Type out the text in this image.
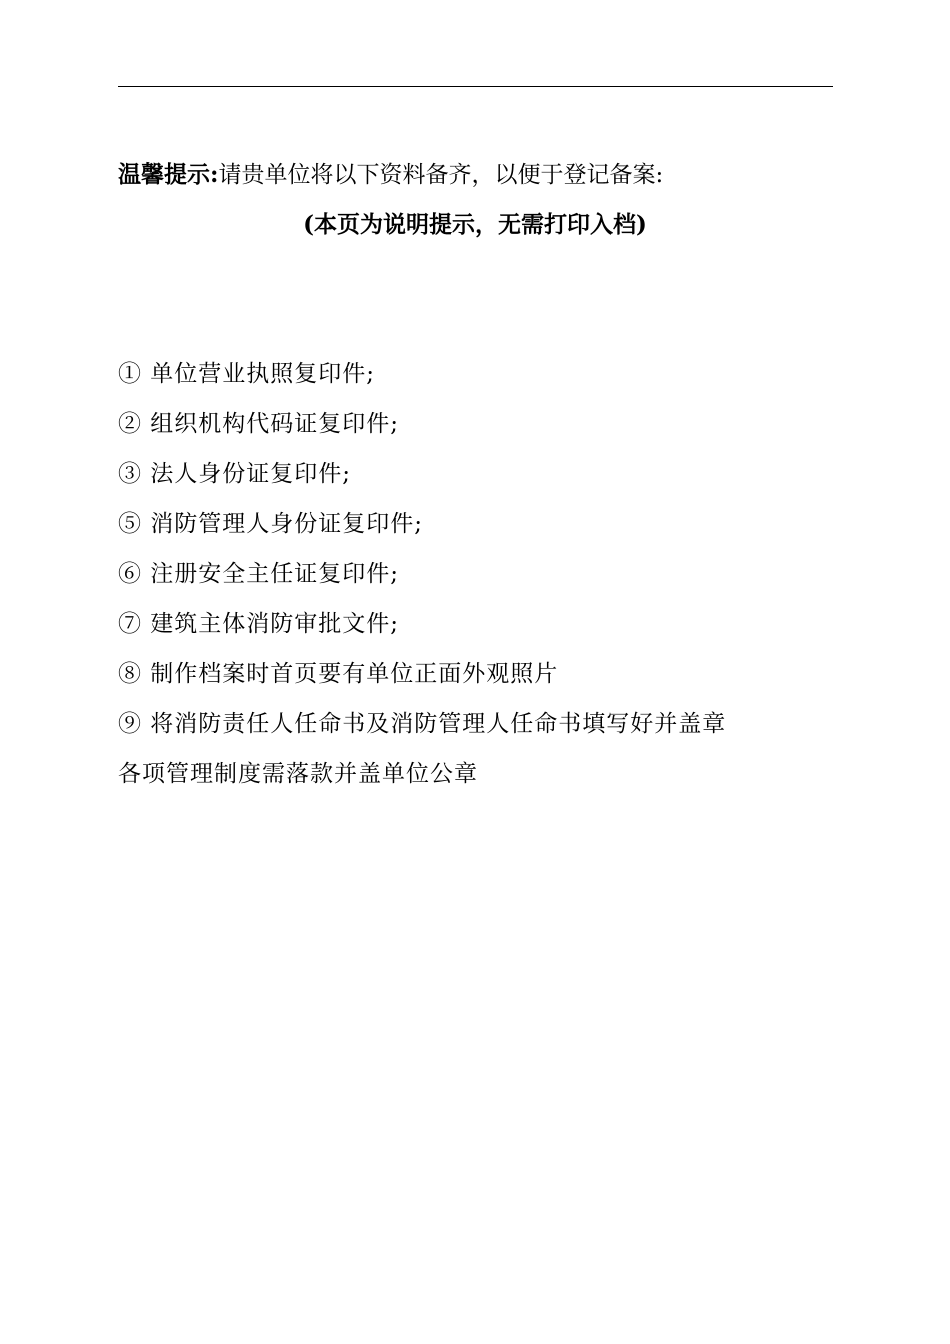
温馨提示:请贵单位将以下资料备齐，以便于登记备案:
(本页为说明提示，无需打印入档)
① 单位营业执照复印件;
② 组织机构代码证复印件;
③ 法人身份证复印件;
⑤ 消防管理人身份证复印件;
⑥ 注册安全主任证复印件;
⑦ 建筑主体消防审批文件;
⑧ 制作档案时首页要有单位正面外观照片
⑨ 将消防责任人任命书及消防管理人任命书填写好并盖章
各项管理制度需落款并盖单位公章
